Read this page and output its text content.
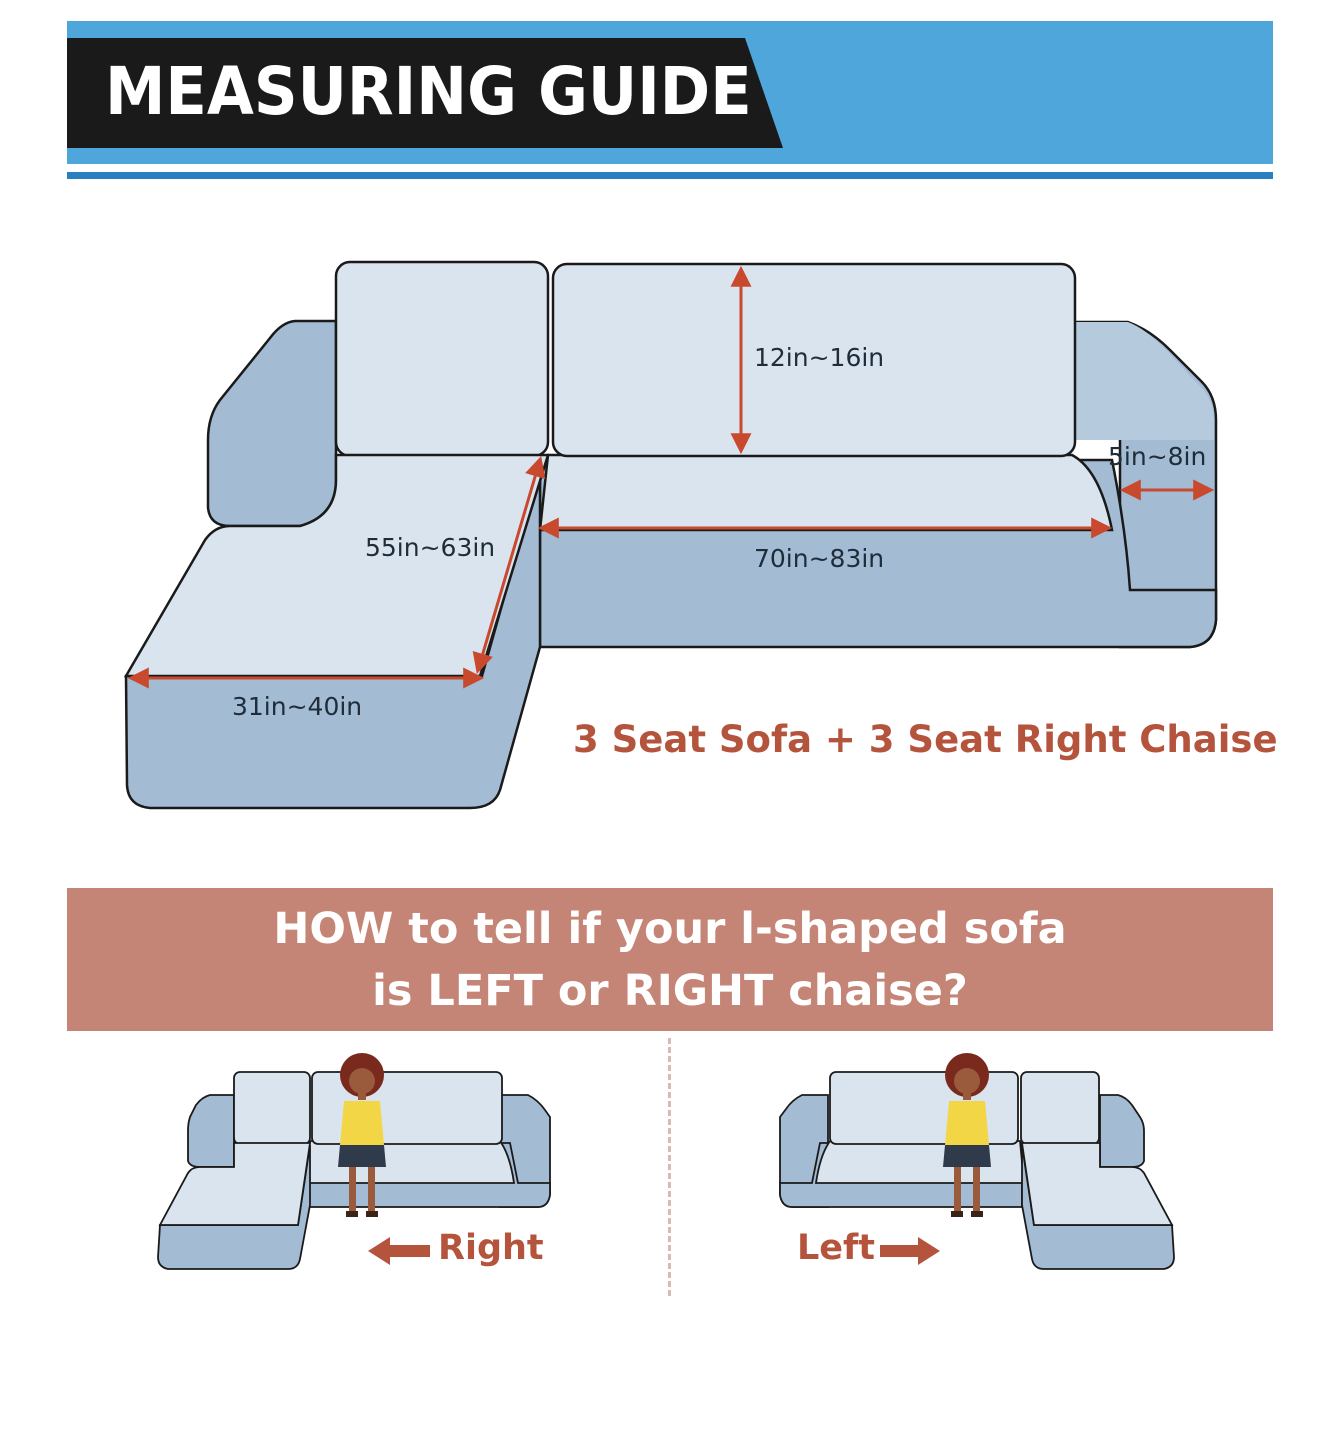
MEASURING GUIDE
12in~16in
5in~8in
55in~63in	70in~83in
31in~40in
3 Seat Sofa + 3 Seat Right Chaise
HOW to tell if your l-shaped sofa
is LEFT or RIGHT chaise?
Right	Left
